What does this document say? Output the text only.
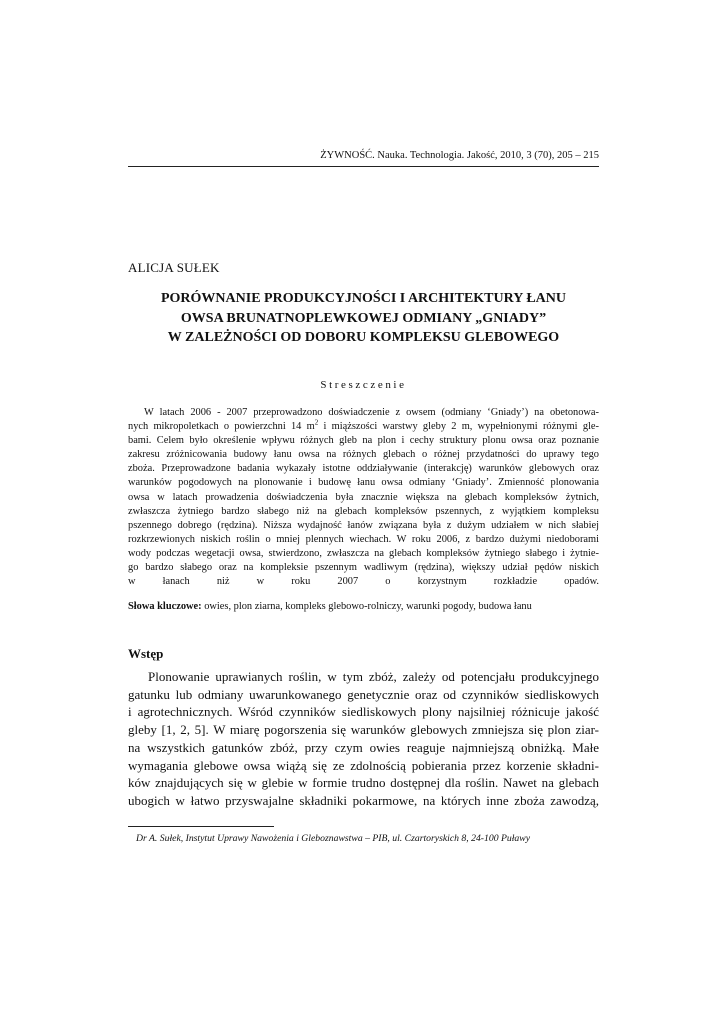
ŻYWNOŚĆ. Nauka. Technologia. Jakość, 2010, 3 (70), 205 – 215
ALICJA SUŁEK
PORÓWNANIE PRODUKCYJNOŚCI I ARCHITEKTURY ŁANU
OWSA BRUNATNOPLEWKOWEJ ODMIANY „GNIADY”
W ZALEŻNOŚCI OD DOBORU KOMPLEKSU GLEBOWEGO
Streszczenie
W latach 2006 - 2007 przeprowadzono doświadczenie z owsem (odmiany ‘Gniady’) na obetonowa-
nych mikropoletkach o powierzchni 14 $m^2$ i miąższości warstwy gleby 2 m, wypełnionymi różnymi gle-
bami. Celem było określenie wpływu różnych gleb na plon i cechy struktury plonu owsa oraz poznanie
zakresu zróżnicowania budowy łanu owsa na różnych glebach o różnej przydatności do uprawy tego
zboża. Przeprowadzone badania wykazały istotne oddziaływanie (interakcję) warunków glebowych oraz
warunków pogodowych na plonowanie i budowę łanu owsa odmiany ‘Gniady’. Zmienność plonowania
owsa w latach prowadzenia doświadczenia była znacznie większa na glebach kompleksów żytnich,
zwłaszcza żytniego bardzo słabego niż na glebach kompleksów pszennych, z wyjątkiem kompleksu
pszennego dobrego (rędzina). Niższa wydajność łanów związana była z dużym udziałem w nich słabiej
rozkrzewionych niskich roślin o mniej plennych wiechach. W roku 2006, z bardzo dużymi niedoborami
wody podczas wegetacji owsa, stwierdzono, zwłaszcza na glebach kompleksów żytniego słabego i żytnie-
go bardzo słabego oraz na kompleksie pszennym wadliwym (rędzina), większy udział pędów niskich
w łanach niż w roku 2007 o korzystnym rozkładzie opadów.
Słowa kluczowe: owies, plon ziarna, kompleks glebowo-rolniczy, warunki pogody, budowa łanu
Wstęp
Plonowanie uprawianych roślin, w tym zbóż, zależy od potencjału produkcyjnego
gatunku lub odmiany uwarunkowanego genetycznie oraz od czynników siedliskowych
i agrotechnicznych. Wśród czynników siedliskowych plony najsilniej różnicuje jakość
gleby [1, 2, 5]. W miarę pogorszenia się warunków glebowych zmniejsza się plon ziar-
na wszystkich gatunków zbóż, przy czym owies reaguje najmniejszą obniżką. Małe
wymagania glebowe owsa wiążą się ze zdolnością pobierania przez korzenie składni-
ków znajdujących się w glebie w formie trudno dostępnej dla roślin. Nawet na glebach
ubogich w łatwo przyswajalne składniki pokarmowe, na których inne zboża zawodzą,
Dr A. Sułek, Instytut Uprawy Nawożenia i Gleboznawstwa – PIB, ul. Czartoryskich 8, 24-100 Puławy
